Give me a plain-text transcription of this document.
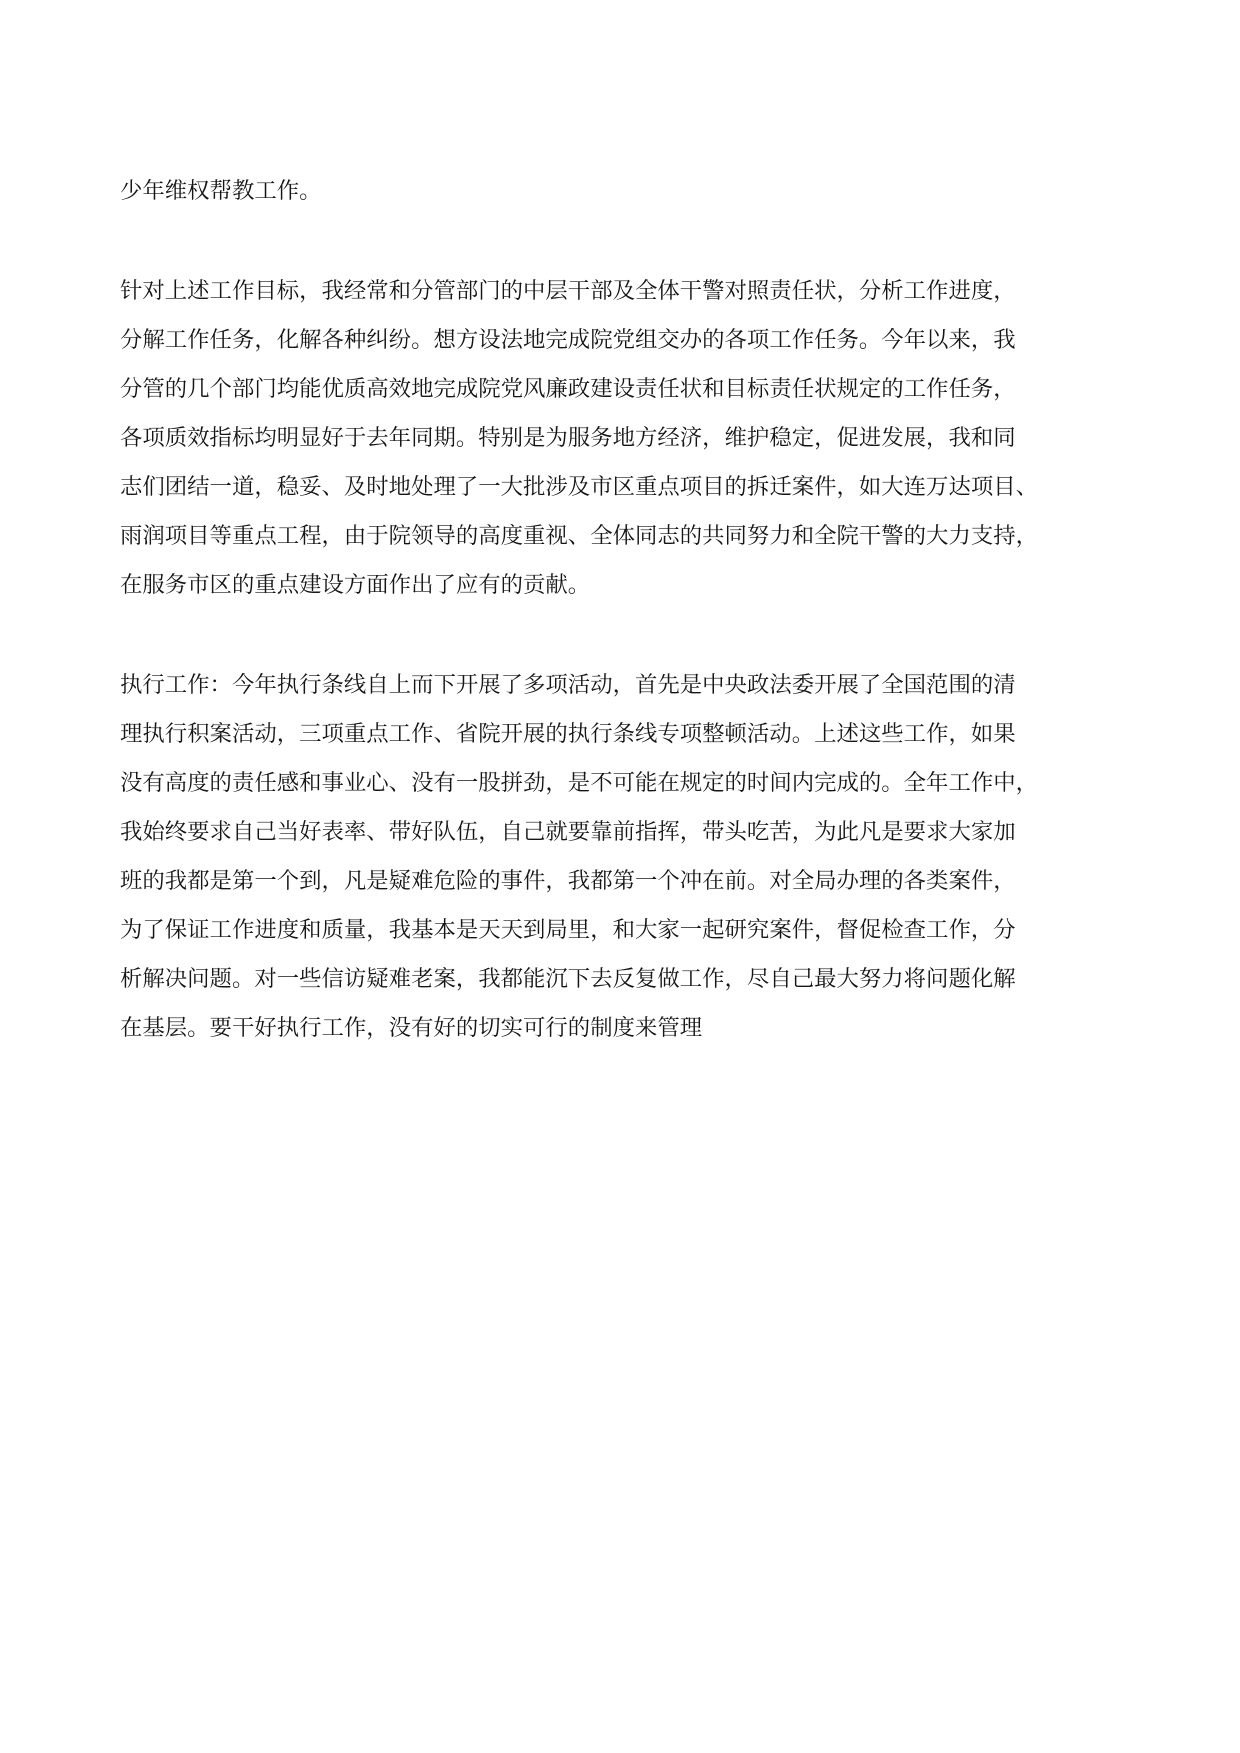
少年维权帮教工作。

针对上述工作目标，我经常和分管部门的中层干部及全体干警对照责任状，分析工作进度，

分解工作任务，化解各种纠纷。想方设法地完成院党组交办的各项工作任务。今年以来，我

分管的几个部门均能优质高效地完成院党风廉政建设责任状和目标责任状规定的工作任务，

各项质效指标均明显好于去年同期。特别是为服务地方经济，维护稳定，促进发展，我和同

志们团结一道，稳妥、及时地处理了一大批涉及市区重点项目的拆迁案件，如大连万达项目、

雨润项目等重点工程，由于院领导的高度重视、全体同志的共同努力和全院干警的大力支持，

在服务市区的重点建设方面作出了应有的贡献。

执行工作：今年执行条线自上而下开展了多项活动，首先是中央政法委开展了全国范围的清

理执行积案活动，三项重点工作、省院开展的执行条线专项整顿活动。上述这些工作，如果

没有高度的责任感和事业心、没有一股拼劲，是不可能在规定的时间内完成的。全年工作中，

我始终要求自己当好表率、带好队伍，自己就要靠前指挥，带头吃苦，为此凡是要求大家加

班的我都是第一个到，凡是疑难危险的事件，我都第一个冲在前。对全局办理的各类案件，

为了保证工作进度和质量，我基本是天天到局里，和大家一起研究案件，督促检查工作，分

析解决问题。对一些信访疑难老案，我都能沉下去反复做工作，尽自己最大努力将问题化解

在基层。要干好执行工作，没有好的切实可行的制度来管理
